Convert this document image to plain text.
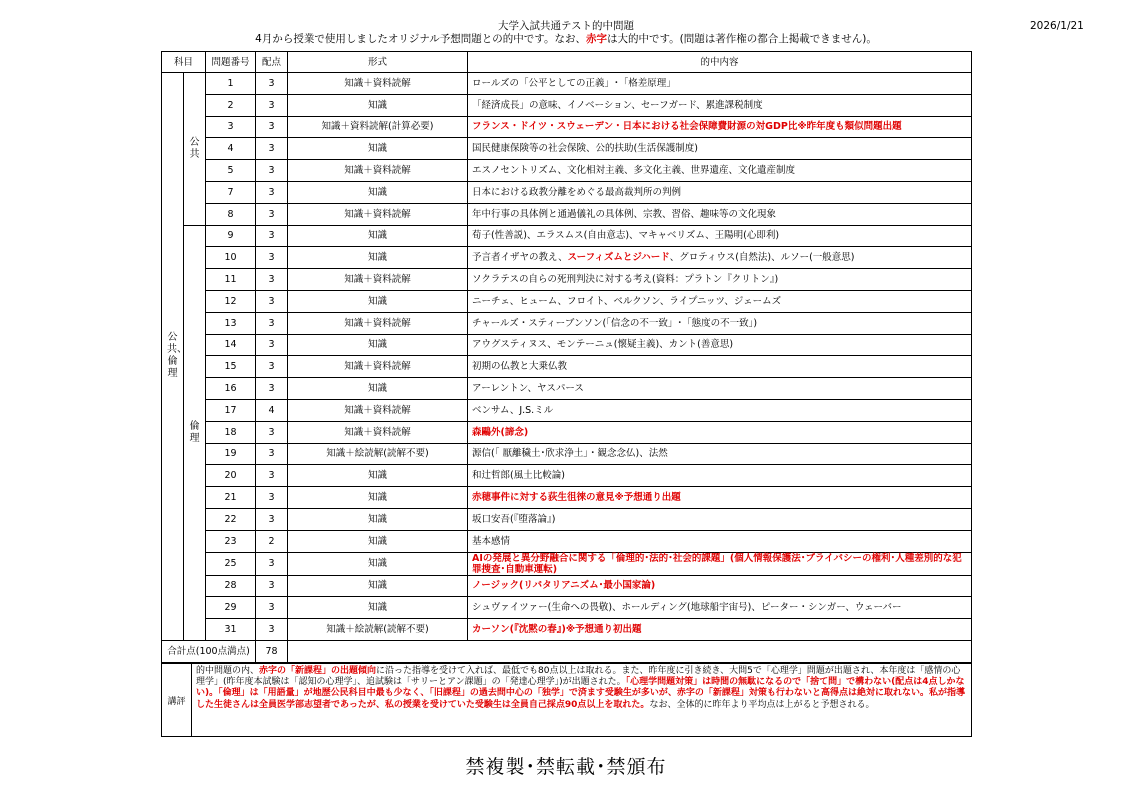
大学入試共通テスト的中問題
4月から授業で使用しましたオリジナル予想問題との的中です。なお、赤字は大的中です。(問題は著作権の都合上掲載できません)。
2026/1/21
科目		問題番号	配点	形式	的中内容
公共、倫理	公共	1	3	知識＋資料読解	ロールズの「公平としての正義」･「格差原理」
		2	3	知識	「経済成長」の意味、イノベーション、セーフガード、累進課税制度
		3	3	知識＋資料読解(計算必要)	フランス・ドイツ・スウェーデン・日本における社会保障費財源の対GDP比※昨年度も類似問題出題
		4	3	知識	国民健康保険等の社会保険、公的扶助(生活保護制度)
		5	3	知識＋資料読解	エスノセントリズム、文化相対主義、多文化主義、世界遺産、文化遺産制度
		7	3	知識	日本における政教分離をめぐる最高裁判所の判例
		8	3	知識＋資料読解	年中行事の具体例と通過儀礼の具体例、宗教、習俗、趣味等の文化現象
	倫理	9	3	知識	荀子(性善説)、エラスムス(自由意志)、マキャベリズム、王陽明(心即利)
		10	3	知識	予言者イザヤの教え、スーフィズムとジハード、グロティウス(自然法)、ルソー(一般意思)
		11	3	知識＋資料読解	ソクラテスの自らの死刑判決に対する考え(資料：プラトン『クリトン』)
		12	3	知識	ニーチェ、ヒューム、フロイト、ベルクソン、ライプニッツ、ジェームズ
		13	3	知識＋資料読解	チャールズ・スティーブンソン(「信念の不一致」･「態度の不一致」)
		14	3	知識	アウグスティヌス、モンテーニュ(懐疑主義)、カント(善意思)
		15	3	知識＋資料読解	初期の仏教と大乗仏教
		16	3	知識	アーレントン、ヤスパース
		17	4	知識＋資料読解	ベンサム、J.S.ミル
		18	3	知識＋資料読解	森鷗外(諦念)
		19	3	知識＋絵読解(読解不要)	源信(｢ 厭離穢土･欣求浄土｣・観念念仏)、法然
		20	3	知識	和辻哲郎(風土比較論)
		21	3	知識	赤穂事件に対する荻生徂徠の意見※予想通り出題
		22	3	知識	坂口安吾(『堕落論』)
		23	2	知識	基本感情
		25	3	知識	AIの発展と異分野融合に関する「倫理的･法的･社会的課題」(個人情報保護法･プライバシーの権利･人種差別的な犯罪捜査･自動車運転)
		28	3	知識	ノージック(リバタリアニズム･最小国家論)
		29	3	知識	シュヴァイツァー(生命への畏敬)、ホールディング(地球船宇宙号)、ピーター・シンガー、ウェーバー
		31	3	知識＋絵読解(読解不要)	カーソン(『沈黙の春』)※予想通り初出題
合計点(100点満点)			78		
講評	的中問題の内、赤字の「新課程」の出題傾向に沿った指導を受けて入れば、最低でも80点以上は取れる。また、昨年度に引き続き、大問5で「心理学」問題が出題され、本年度は「感情の心理学」(昨年度本試験は「認知の心理学」、追試験は「サリーとアン課題」の「発達心理学」)が出題された。「心理学問題対策」は時間の無駄になるので「捨て問」で構わない(配点は4点しかない)。「倫理」は「用語量」が地歴公民科目中最も少なく、「旧課程」の過去問中心の「独学」で済ます受験生が多いが、赤字の「新課程」対策も行わないと高得点は絶対に取れない。私が指導した生徒さんは全員医学部志望者であったが、私の授業を受けていた受験生は全員自己採点90点以上を取れた。なお、全体的に昨年より平均点は上がると予想される。
禁複製･禁転載･禁頒布
